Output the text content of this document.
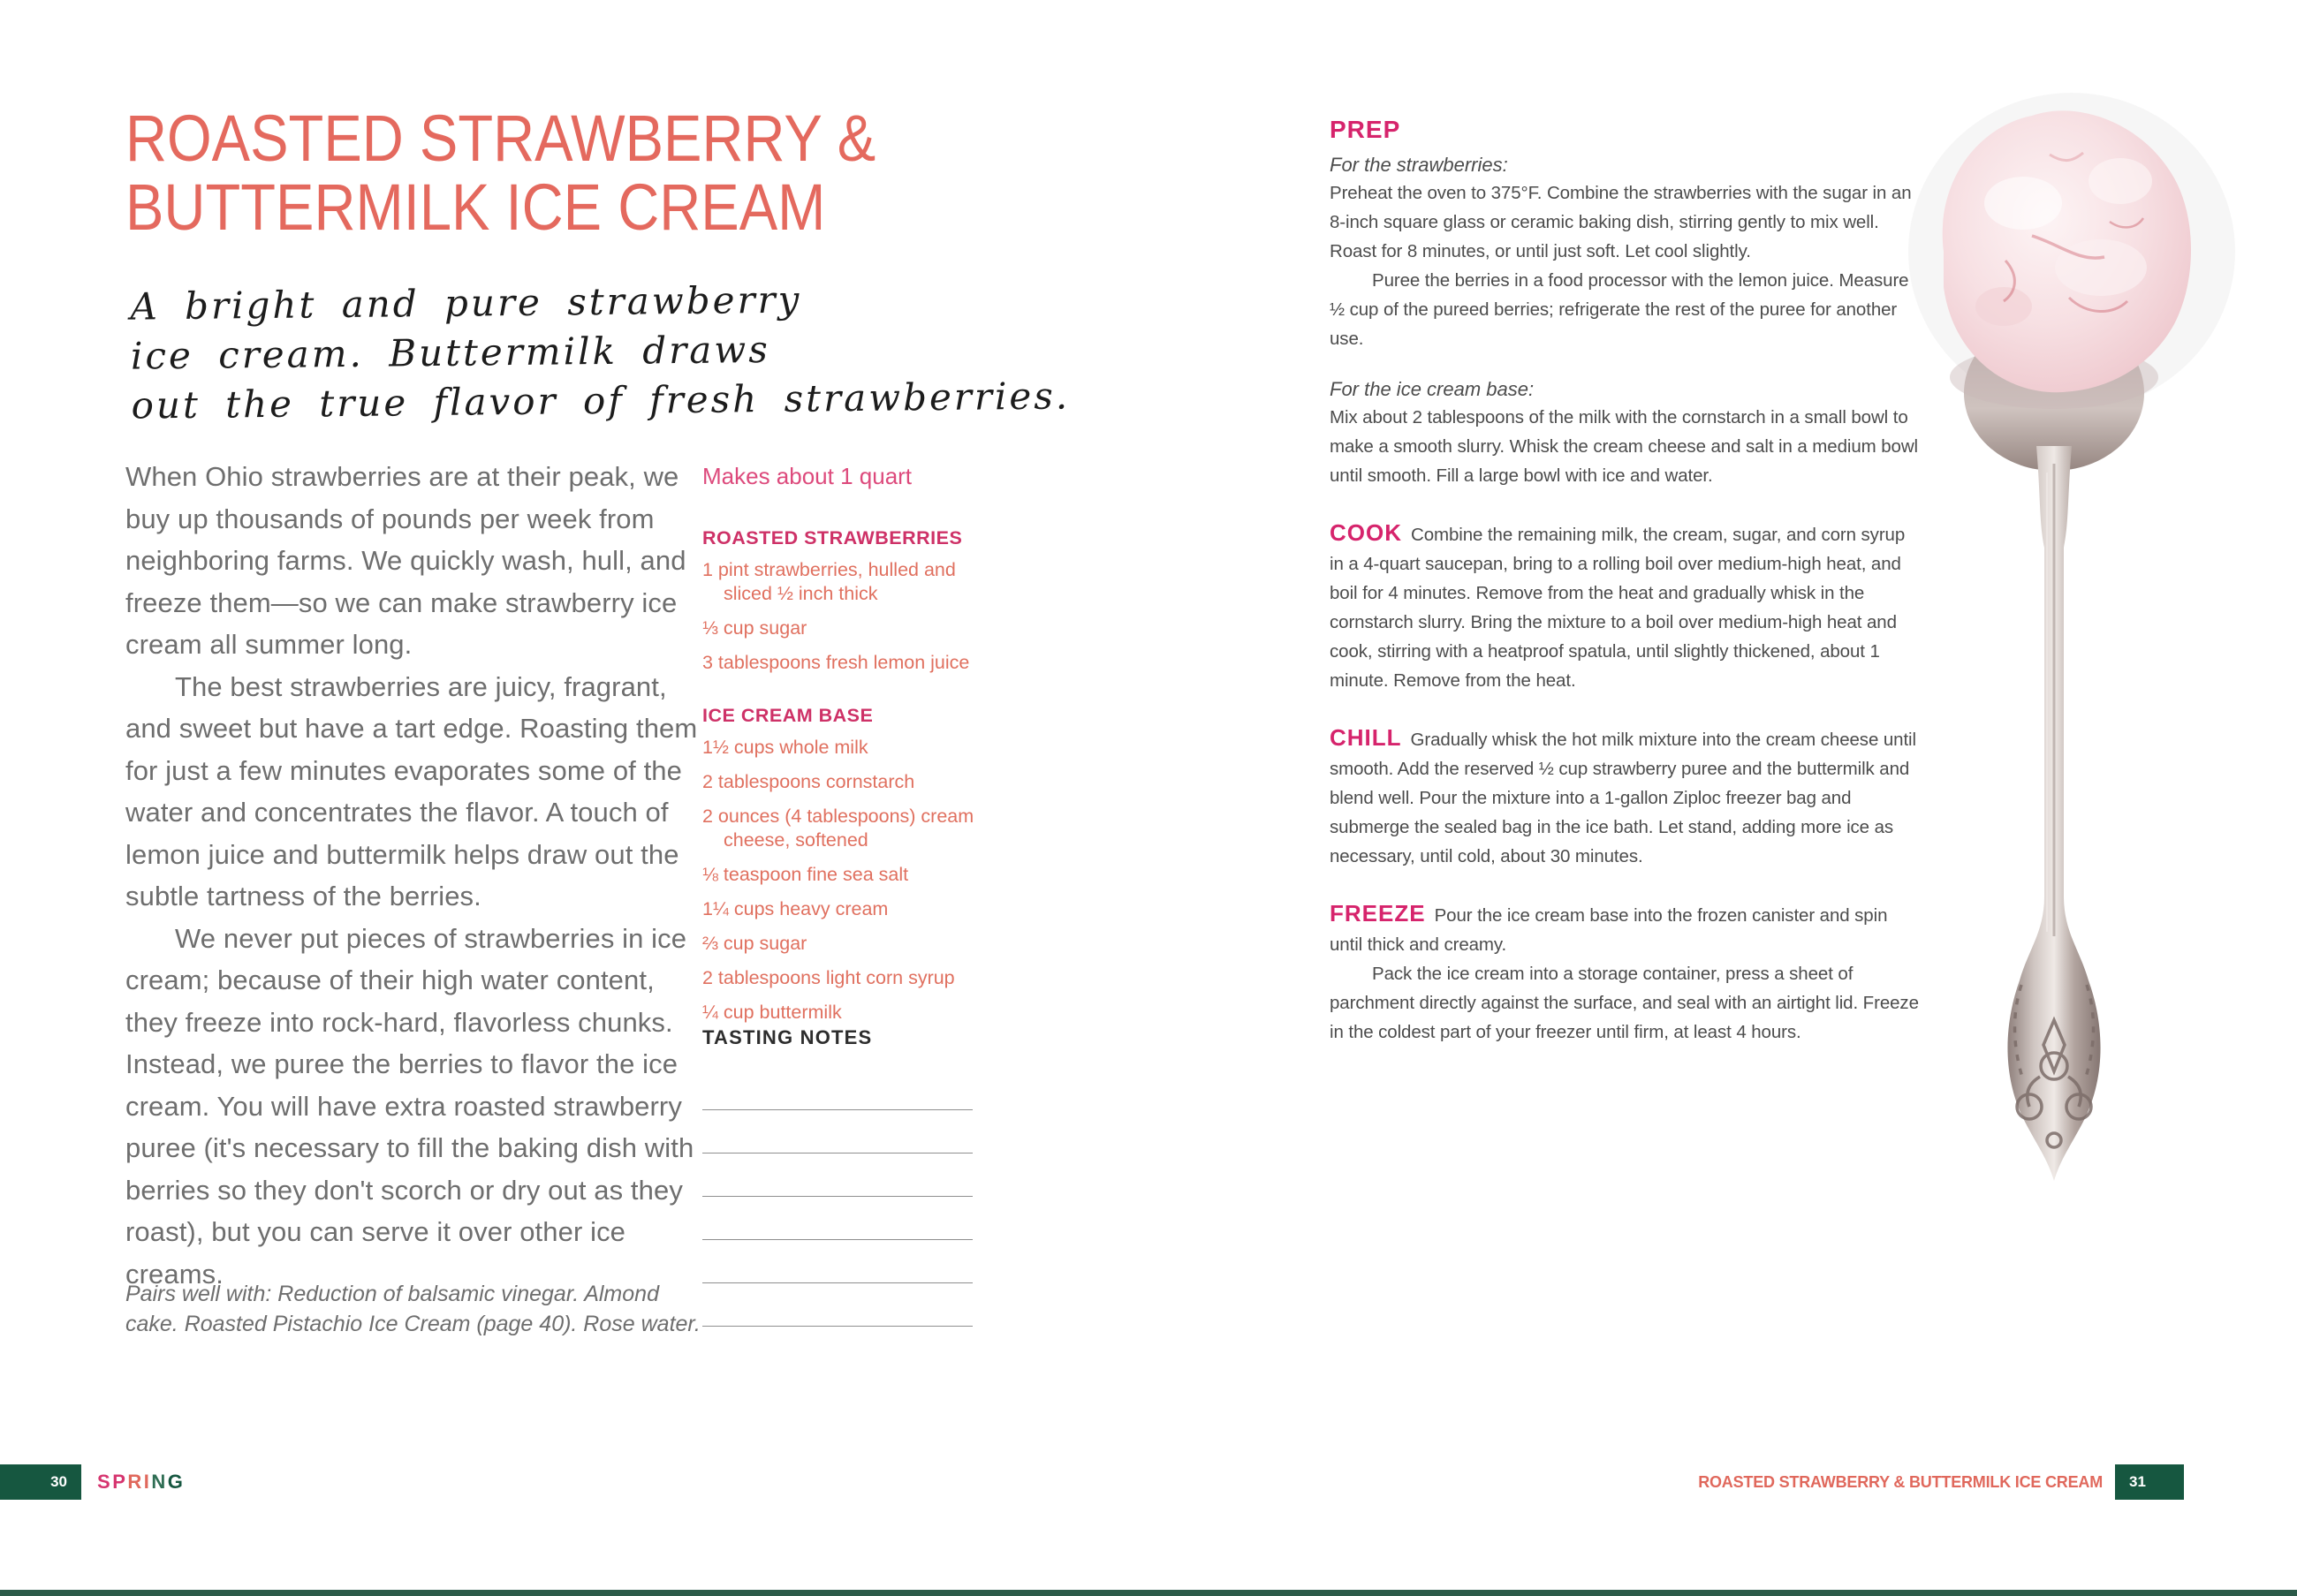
ROASTED STRAWBERRY &
BUTTERMILK ICE CREAM
A bright and pure strawberry
ice cream. Buttermilk draws
out the true flavor of fresh strawberries.

When Ohio strawberries are at their peak, we buy up thousands of pounds per week from neighboring farms. We quickly wash, hull, and freeze them—so we can make strawberry ice cream all summer long.

The best strawberries are juicy, fragrant, and sweet but have a tart edge. Roasting them for just a few minutes evaporates some of the water and concentrates the flavor. A touch of lemon juice and buttermilk helps draw out the subtle tartness of the berries.

We never put pieces of strawberries in ice cream; because of their high water content, they freeze into rock-hard, flavorless chunks. Instead, we puree the berries to flavor the ice cream. You will have extra roasted strawberry puree (it's necessary to fill the baking dish with berries so they don't scorch or dry out as they roast), but you can serve it over other ice creams.

Pairs well with: Reduction of balsamic vinegar. Almond cake. Roasted Pistachio Ice Cream (page 40). Rose water.

Makes about 1 quart
ROASTED STRAWBERRIES
1 pint strawberries, hulled and sliced ½ inch thick
⅓ cup sugar
3 tablespoons fresh lemon juice
ICE CREAM BASE
1½ cups whole milk
2 tablespoons cornstarch
2 ounces (4 tablespoons) cream cheese, softened
⅛ teaspoon fine sea salt
1¼ cups heavy cream
⅔ cup sugar
2 tablespoons light corn syrup
¼ cup buttermilk
TASTING NOTES
PREP

For the strawberries:

Preheat the oven to 375°F. Combine the strawberries with the sugar in an 8-inch square glass or ceramic baking dish, stirring gently to mix well. Roast for 8 minutes, or until just soft. Let cool slightly.

Puree the berries in a food processor with the lemon juice. Measure ½ cup of the pureed berries; refrigerate the rest of the puree for another use.

For the ice cream base:

Mix about 2 tablespoons of the milk with the cornstarch in a small bowl to make a smooth slurry. Whisk the cream cheese and salt in a medium bowl until smooth. Fill a large bowl with ice and water.

COOK Combine the remaining milk, the cream, sugar, and corn syrup in a 4-quart saucepan, bring to a rolling boil over medium-high heat, and boil for 4 minutes. Remove from the heat and gradually whisk in the cornstarch slurry. Bring the mixture to a boil over medium-high heat and cook, stirring with a heatproof spatula, until slightly thickened, about 1 minute. Remove from the heat.

CHILL Gradually whisk the hot milk mixture into the cream cheese until smooth. Add the reserved ½ cup strawberry puree and the buttermilk and blend well. Pour the mixture into a 1-gallon Ziploc freezer bag and submerge the sealed bag in the ice bath. Let stand, adding more ice as necessary, until cold, about 30 minutes.

FREEZE Pour the ice cream base into the frozen canister and spin until thick and creamy.

Pack the ice cream into a storage container, press a sheet of parchment directly against the surface, and seal with an airtight lid. Freeze in the coldest part of your freezer until firm, at least 4 hours.

30 SPRING	ROASTED STRAWBERRY & BUTTERMILK ICE CREAM 31
